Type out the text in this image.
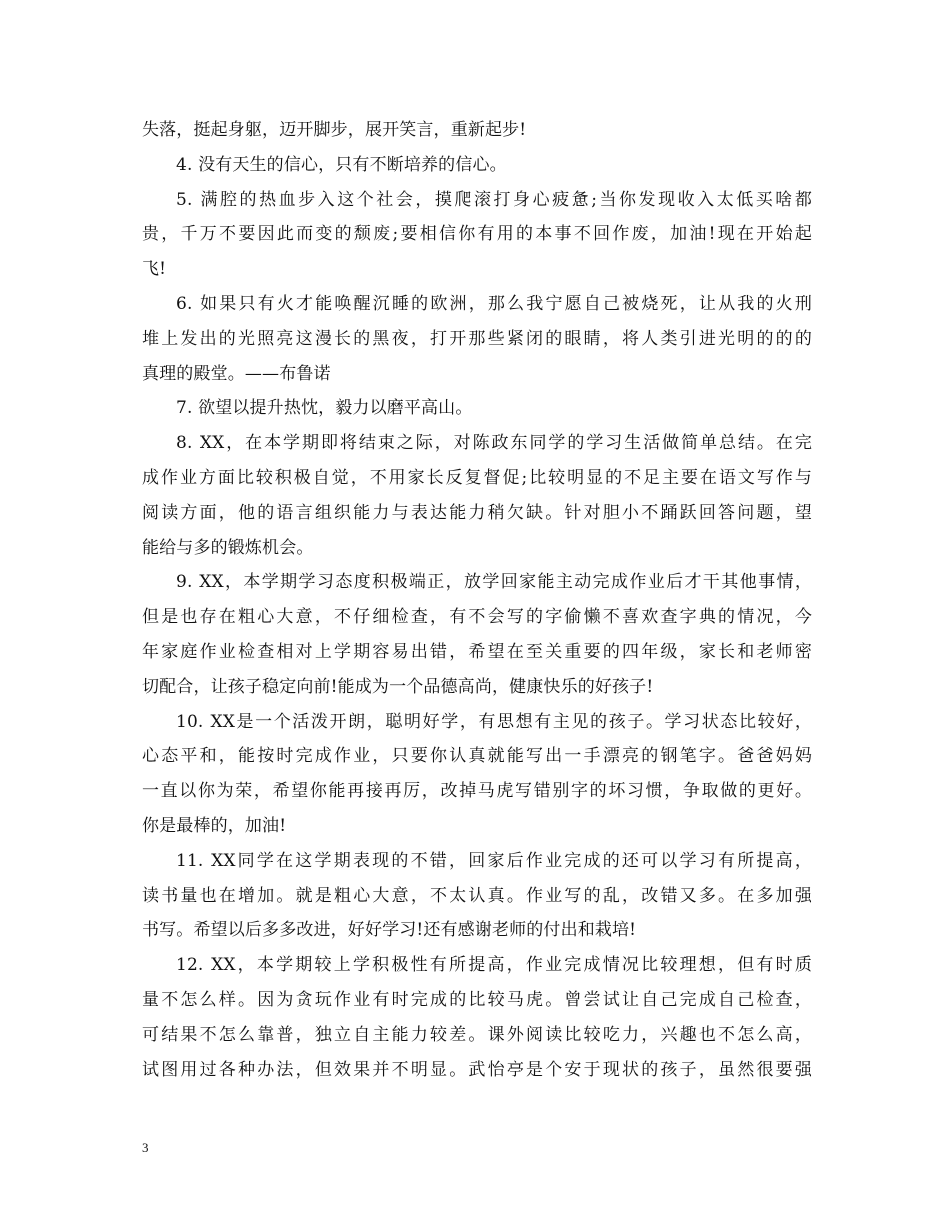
失落，挺起身躯，迈开脚步，展开笑言，重新起步!
4. 没有天生的信心，只有不断培养的信心。
5. 满腔的热血步入这个社会，摸爬滚打身心疲惫;当你发现收入太低买啥都
贵，千万不要因此而变的颓废;要相信你有用的本事不回作废，加油!现在开始起
飞!
6. 如果只有火才能唤醒沉睡的欧洲，那么我宁愿自己被烧死，让从我的火刑
堆上发出的光照亮这漫长的黑夜，打开那些紧闭的眼睛，将人类引进光明的的的
真理的殿堂。——布鲁诺
7. 欲望以提升热忱，毅力以磨平高山。
8. XX，在本学期即将结束之际，对陈政东同学的学习生活做简单总结。在完
成作业方面比较积极自觉，不用家长反复督促;比较明显的不足主要在语文写作与
阅读方面，他的语言组织能力与表达能力稍欠缺。针对胆小不踊跃回答问题，望
能给与多的锻炼机会。
9. XX，本学期学习态度积极端正，放学回家能主动完成作业后才干其他事情，
但是也存在粗心大意，不仔细检查，有不会写的字偷懒不喜欢查字典的情况，今
年家庭作业检查相对上学期容易出错，希望在至关重要的四年级，家长和老师密
切配合，让孩子稳定向前!能成为一个品德高尚，健康快乐的好孩子!
10. XX是一个活泼开朗，聪明好学，有思想有主见的孩子。学习状态比较好，
心态平和，能按时完成作业，只要你认真就能写出一手漂亮的钢笔字。爸爸妈妈
一直以你为荣，希望你能再接再厉，改掉马虎写错别字的坏习惯，争取做的更好。
你是最棒的，加油!
11. XX同学在这学期表现的不错，回家后作业完成的还可以学习有所提高，
读书量也在增加。就是粗心大意，不太认真。作业写的乱，改错又多。在多加强
书写。希望以后多多改进，好好学习!还有感谢老师的付出和栽培!
12. XX，本学期较上学积极性有所提高，作业完成情况比较理想，但有时质
量不怎么样。因为贪玩作业有时完成的比较马虎。曾尝试让自己完成自己检查，
可结果不怎么靠普，独立自主能力较差。课外阅读比较吃力，兴趣也不怎么高，
试图用过各种办法，但效果并不明显。武怡亭是个安于现状的孩子，虽然很要强
3
